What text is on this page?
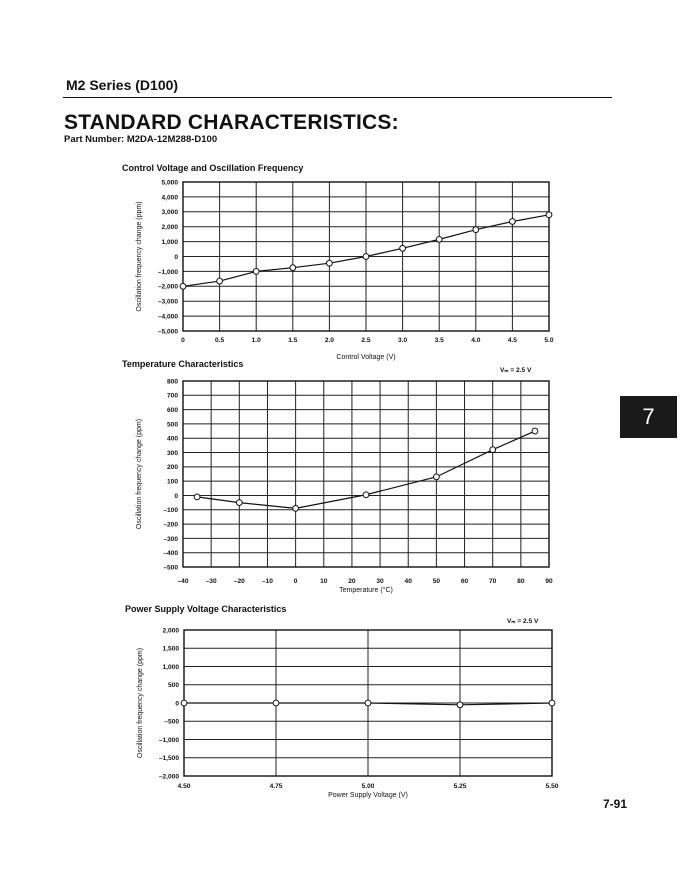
M2 Series (D100)
STANDARD CHARACTERISTICS:
Part Number: M2DA-12M288-D100
7
7-91
Control Voltage and Oscillation Frequency
5,000
4,000
3,000
2,000
1,000
0
–1,000
–2,000
–3,000
–4,000
–5,000
0	0.5	1.0	1.5	2.0	2.5	3.0	3.5	4.0	4.5	5.0
Control Voltage (V)
Oscillation frequency change (ppm)
Temperature Characteristics
Vₘ = 2.5 V
800
700
600
500
400
300
200
100
0
–100
–200
–300
–400
–500
–40	–30	–20	–10	0	10	20	30	40	50	60	70	80	90
Temperature (°C)
Oscillation frequency change (ppm)
Power Supply Voltage Characteristics
Vₘ = 2.5 V
2,000
1,500
1,000
500
0
–500
–1,000
–1,500
–2,000
4.50	4.75	5.00	5.25	5.50
Power Supply Voltage (V)
Oscillation frequency change (ppm)
